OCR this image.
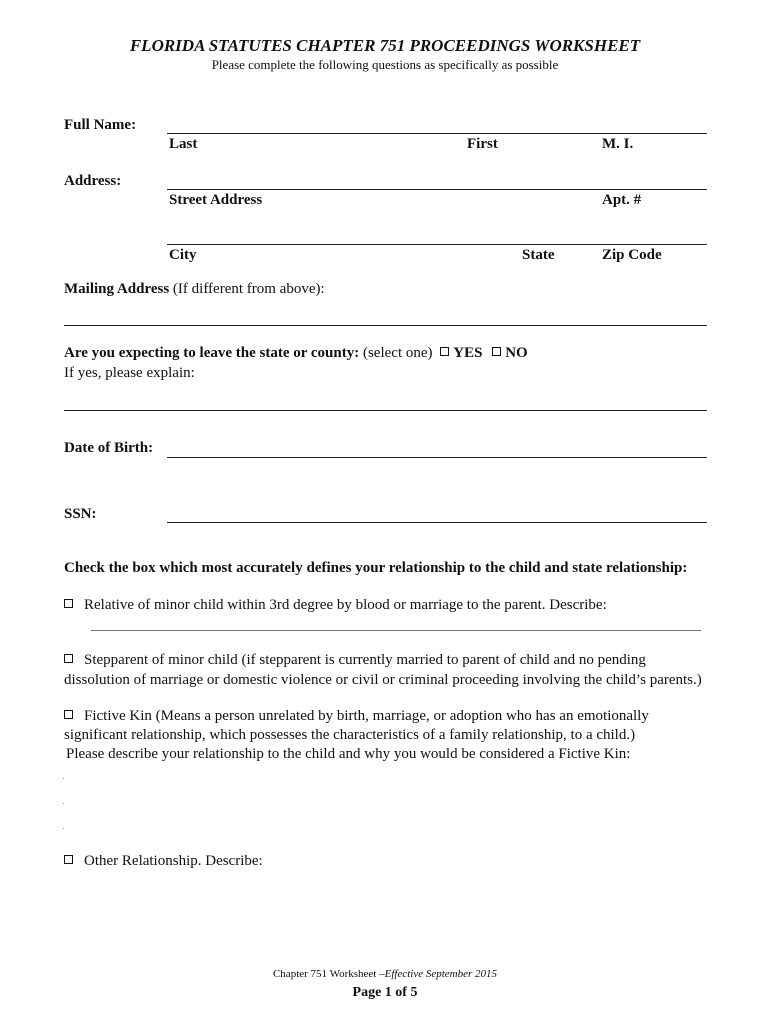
FLORIDA STATUTES CHAPTER 751 PROCEEDINGS WORKSHEET
Please complete the following questions as specifically as possible
Full Name:
Last	First	M. I.
Address:
Street Address	Apt. #
City	State	Zip Code
Mailing Address (If different from above):
Are you expecting to leave the state or county: (select one) YES NO
If yes, please explain:
Date of Birth:
SSN:
Check the box which most accurately defines your relationship to the child and state relationship:
Relative of minor child within 3rd degree by blood or marriage to the parent. Describe:
Stepparent of minor child (if stepparent is currently married to parent of child and no pending
dissolution of marriage or domestic violence or civil or criminal proceeding involving the child’s parents.)
Fictive Kin (Means a person unrelated by birth, marriage, or adoption who has an emotionally
significant relationship, which possesses the characteristics of a family relationship, to a child.)
Please describe your relationship to the child and why you would be considered a Fictive Kin:
Other Relationship. Describe:
Chapter 751 Worksheet –Effective September 2015
Page 1 of 5
